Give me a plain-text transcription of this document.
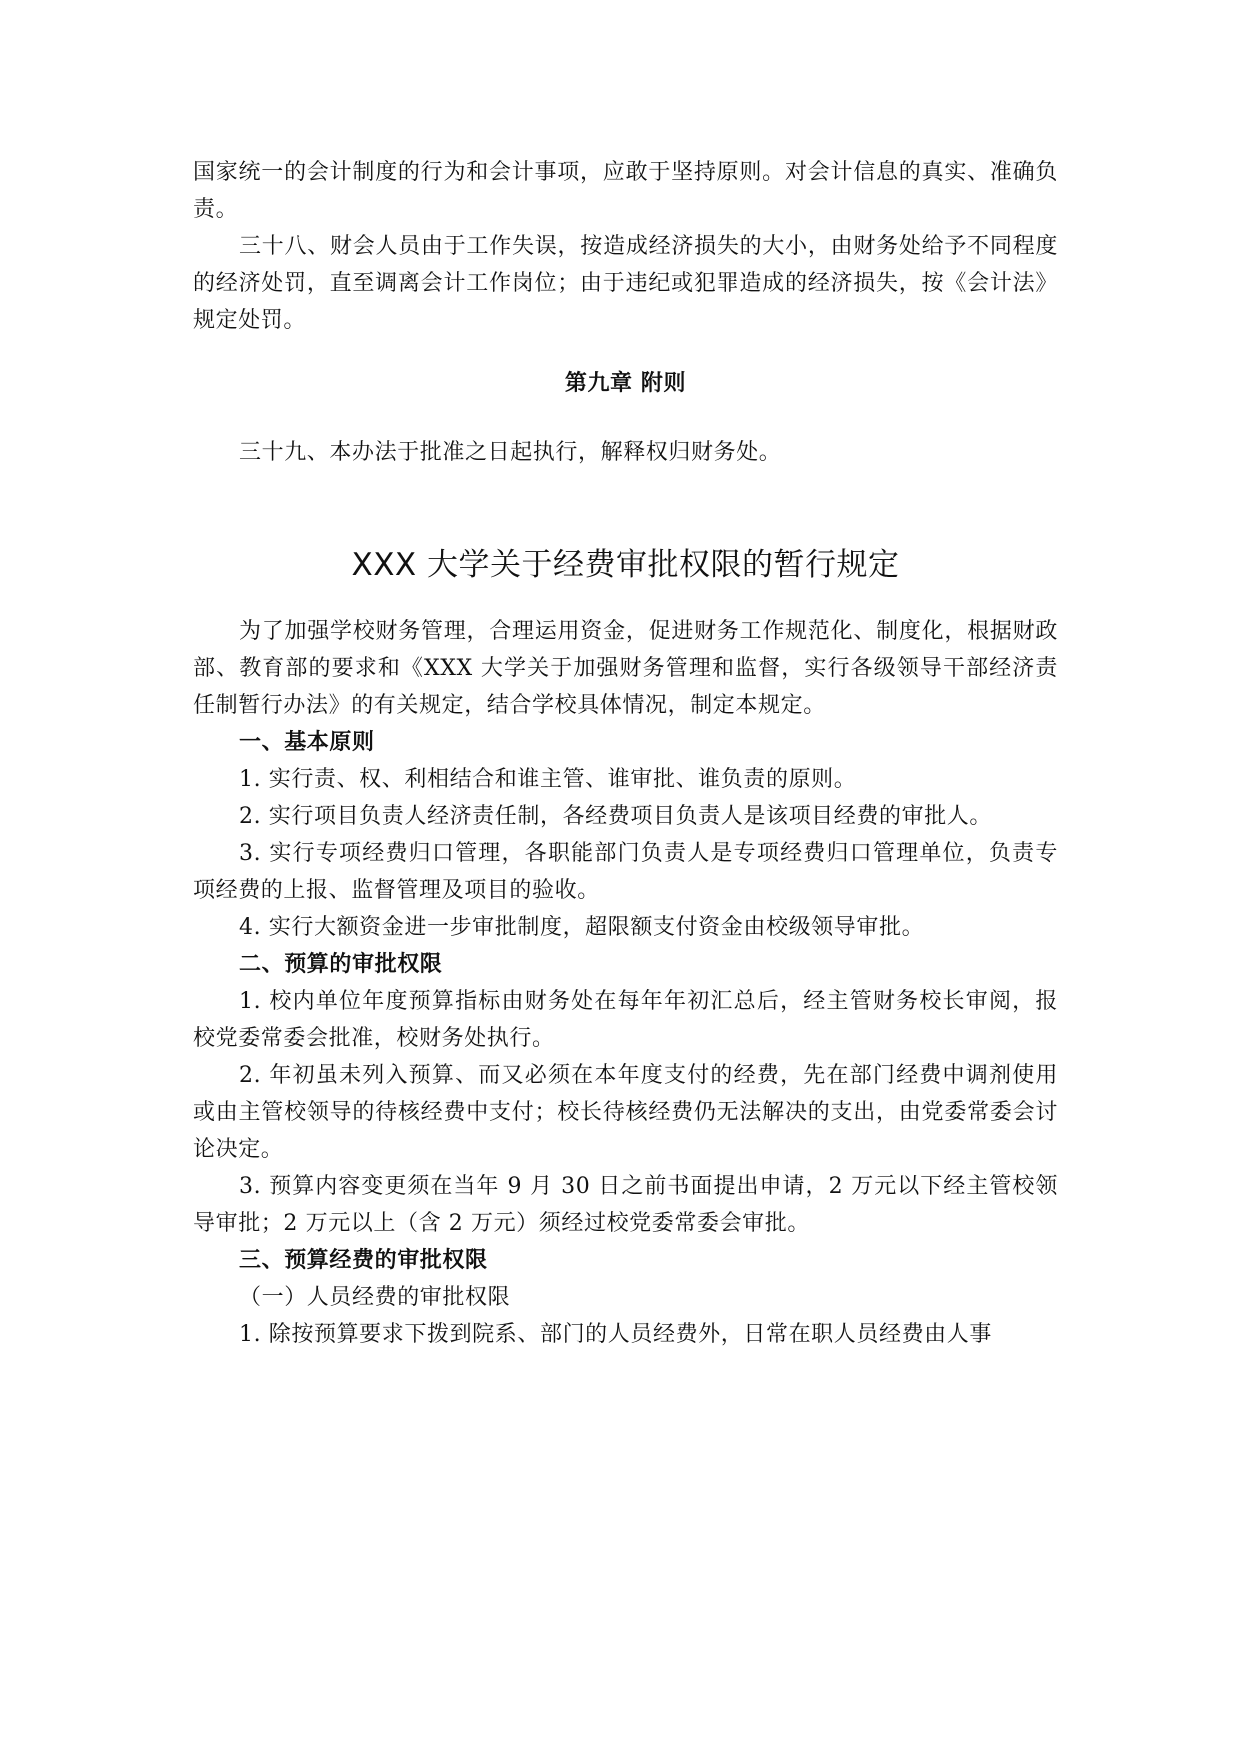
国家统一的会计制度的行为和会计事项，应敢于坚持原则。对会计信息的真实、准确负责。

三十八、财会人员由于工作失误，按造成经济损失的大小，由财务处给予不同程度的经济处罚，直至调离会计工作岗位；由于违纪或犯罪造成的经济损失，按《会计法》规定处罚。

第九章 附则

三十九、本办法于批准之日起执行，解释权归财务处。

XXX 大学关于经费审批权限的暂行规定

为了加强学校财务管理，合理运用资金，促进财务工作规范化、制度化，根据财政部、教育部的要求和《XXX 大学关于加强财务管理和监督，实行各级领导干部经济责任制暂行办法》的有关规定，结合学校具体情况，制定本规定。

一、基本原则

1. 实行责、权、利相结合和谁主管、谁审批、谁负责的原则。

2. 实行项目负责人经济责任制，各经费项目负责人是该项目经费的审批人。

3. 实行专项经费归口管理，各职能部门负责人是专项经费归口管理单位，负责专项经费的上报、监督管理及项目的验收。

4. 实行大额资金进一步审批制度，超限额支付资金由校级领导审批。

二、预算的审批权限

1. 校内单位年度预算指标由财务处在每年年初汇总后，经主管财务校长审阅，报校党委常委会批准，校财务处执行。

2. 年初虽未列入预算、而又必须在本年度支付的经费，先在部门经费中调剂使用或由主管校领导的待核经费中支付；校长待核经费仍无法解决的支出，由党委常委会讨论决定。

3. 预算内容变更须在当年 9 月 30 日之前书面提出申请，2 万元以下经主管校领导审批；2 万元以上（含 2 万元）须经过校党委常委会审批。

三、预算经费的审批权限

（一）人员经费的审批权限

1. 除按预算要求下拨到院系、部门的人员经费外，日常在职人员经费由人事
